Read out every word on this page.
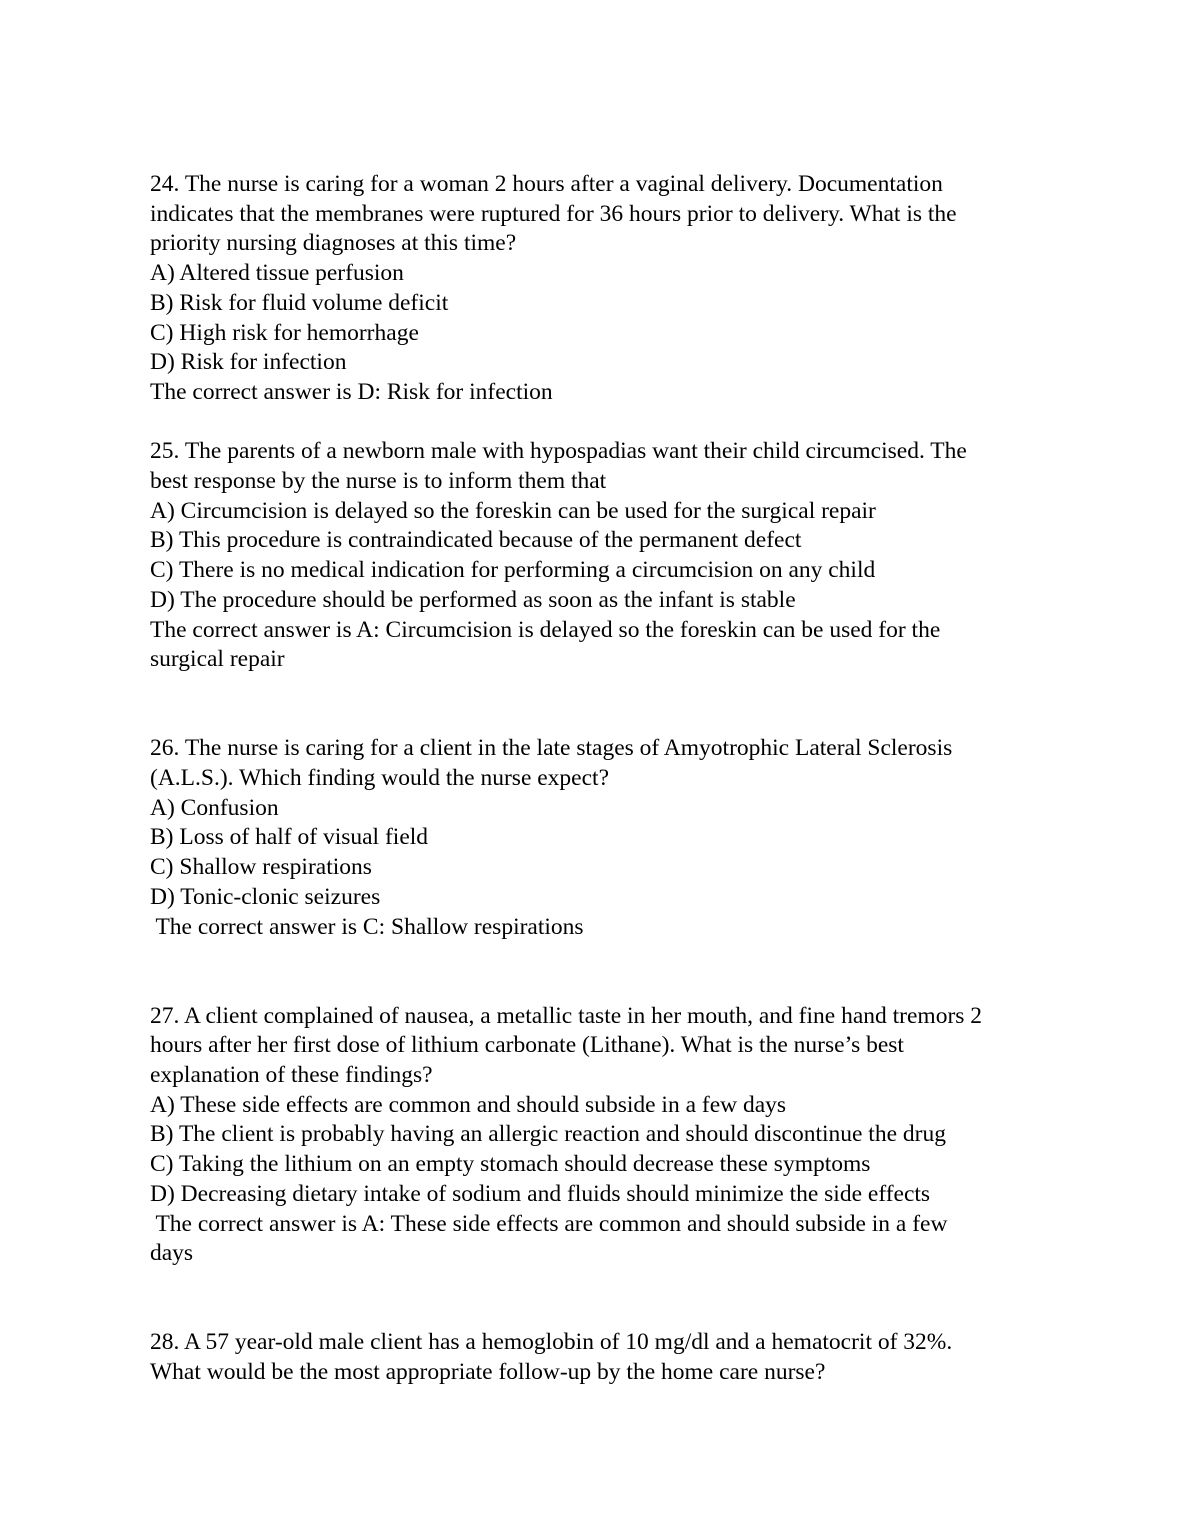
24. The nurse is caring for a woman 2 hours after a vaginal delivery. Documentation

indicates that the membranes were ruptured for 36 hours prior to delivery. What is the

priority nursing diagnoses at this time?

A) Altered tissue perfusion

B) Risk for fluid volume deficit

C) High risk for hemorrhage

D) Risk for infection

The correct answer is D: Risk for infection

25. The parents of a newborn male with hypospadias want their child circumcised. The

best response by the nurse is to inform them that

A) Circumcision is delayed so the foreskin can be used for the surgical repair

B) This procedure is contraindicated because of the permanent defect

C) There is no medical indication for performing a circumcision on any child

D) The procedure should be performed as soon as the infant is stable

The correct answer is A: Circumcision is delayed so the foreskin can be used for the

surgical repair

26. The nurse is caring for a client in the late stages of Amyotrophic Lateral Sclerosis

(A.L.S.). Which finding would the nurse expect?

A) Confusion

B) Loss of half of visual field

C) Shallow respirations

D) Tonic-clonic seizures

The correct answer is C: Shallow respirations

27. A client complained of nausea, a metallic taste in her mouth, and fine hand tremors 2

hours after her first dose of lithium carbonate (Lithane). What is the nurse’s best

explanation of these findings?

A) These side effects are common and should subside in a few days

B) The client is probably having an allergic reaction and should discontinue the drug

C) Taking the lithium on an empty stomach should decrease these symptoms

D) Decreasing dietary intake of sodium and fluids should minimize the side effects

The correct answer is A: These side effects are common and should subside in a few

days

28. A 57 year-old male client has a hemoglobin of 10 mg/dl and a hematocrit of 32%.

What would be the most appropriate follow-up by the home care nurse?
